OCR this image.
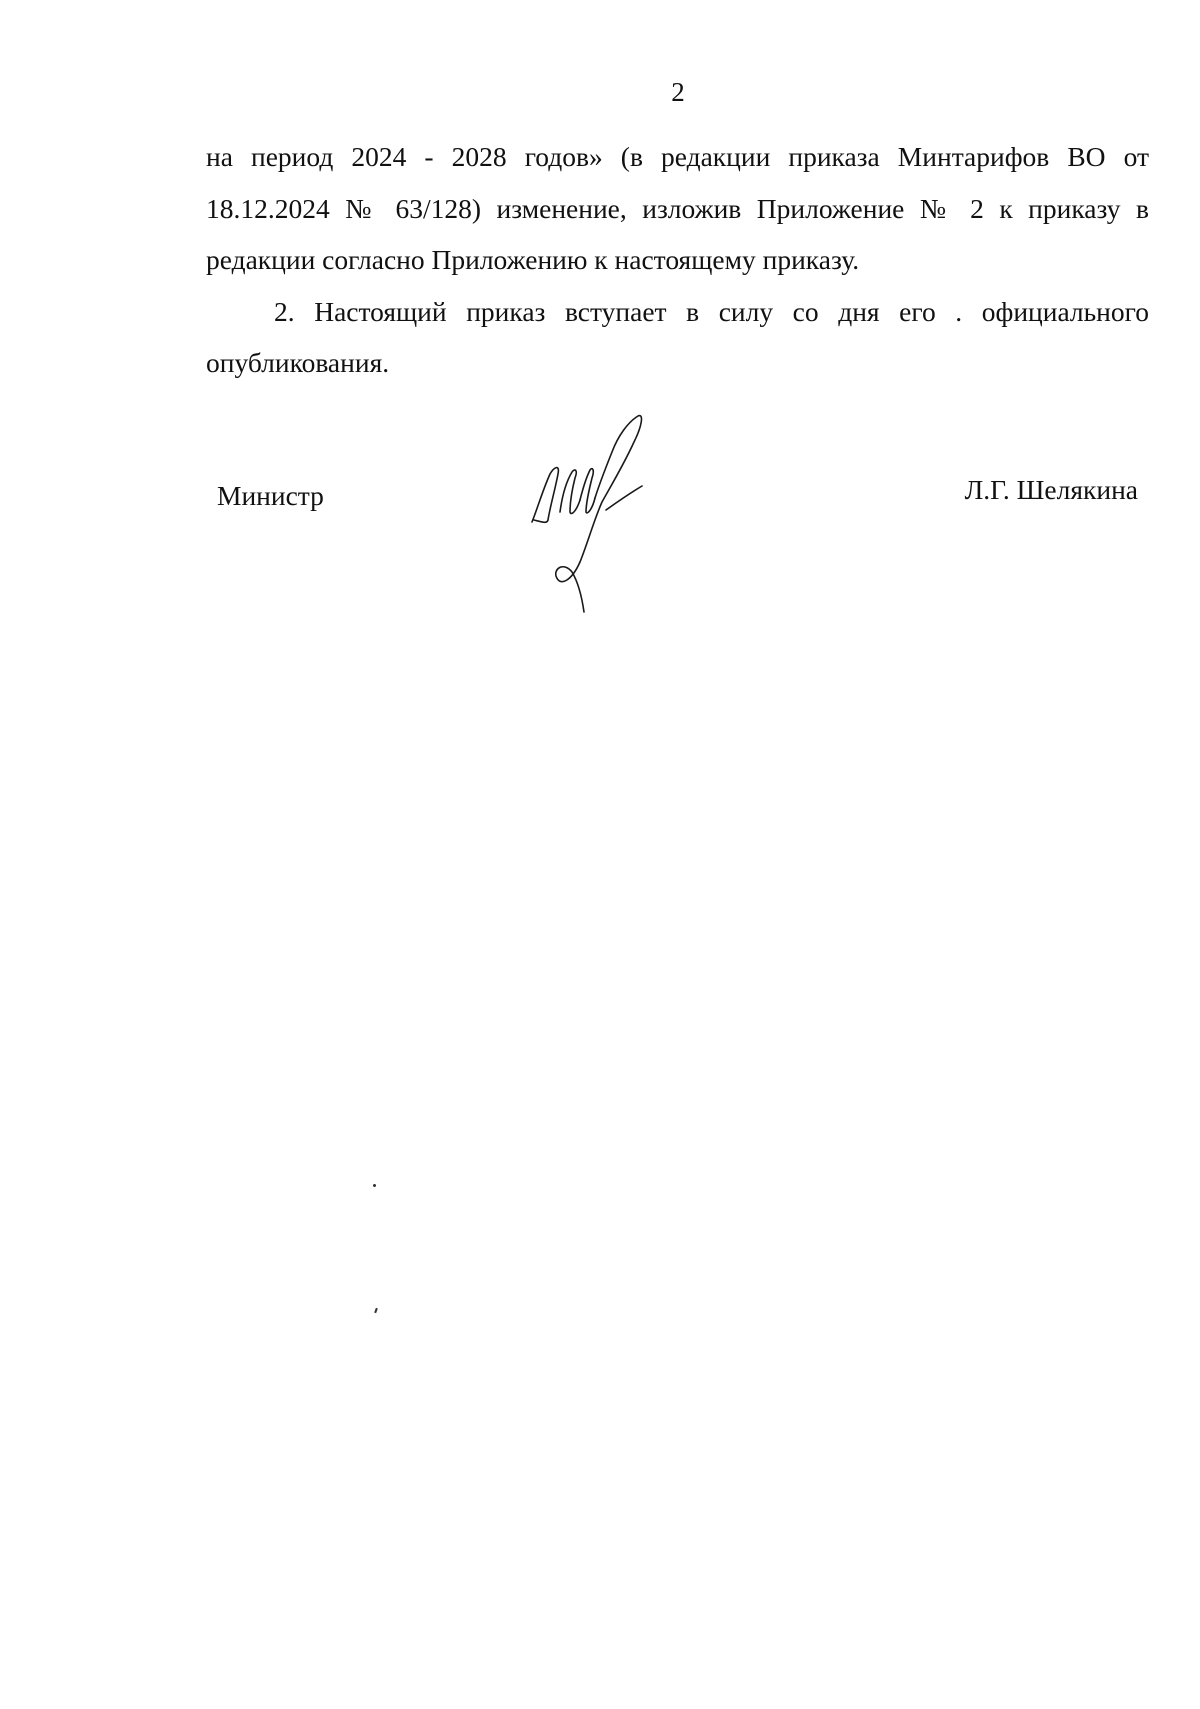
2

на период 2024 - 2028 годов» (в редакции приказа Минтарифов ВО от 18.12.2024 № 63/128) изменение, изложив Приложение № 2 к приказу в редакции согласно Приложению к настоящему приказу.

2. Настоящий приказ вступает в силу со дня его . официального опубликования.

Министр	Л.Г. Шелякина
